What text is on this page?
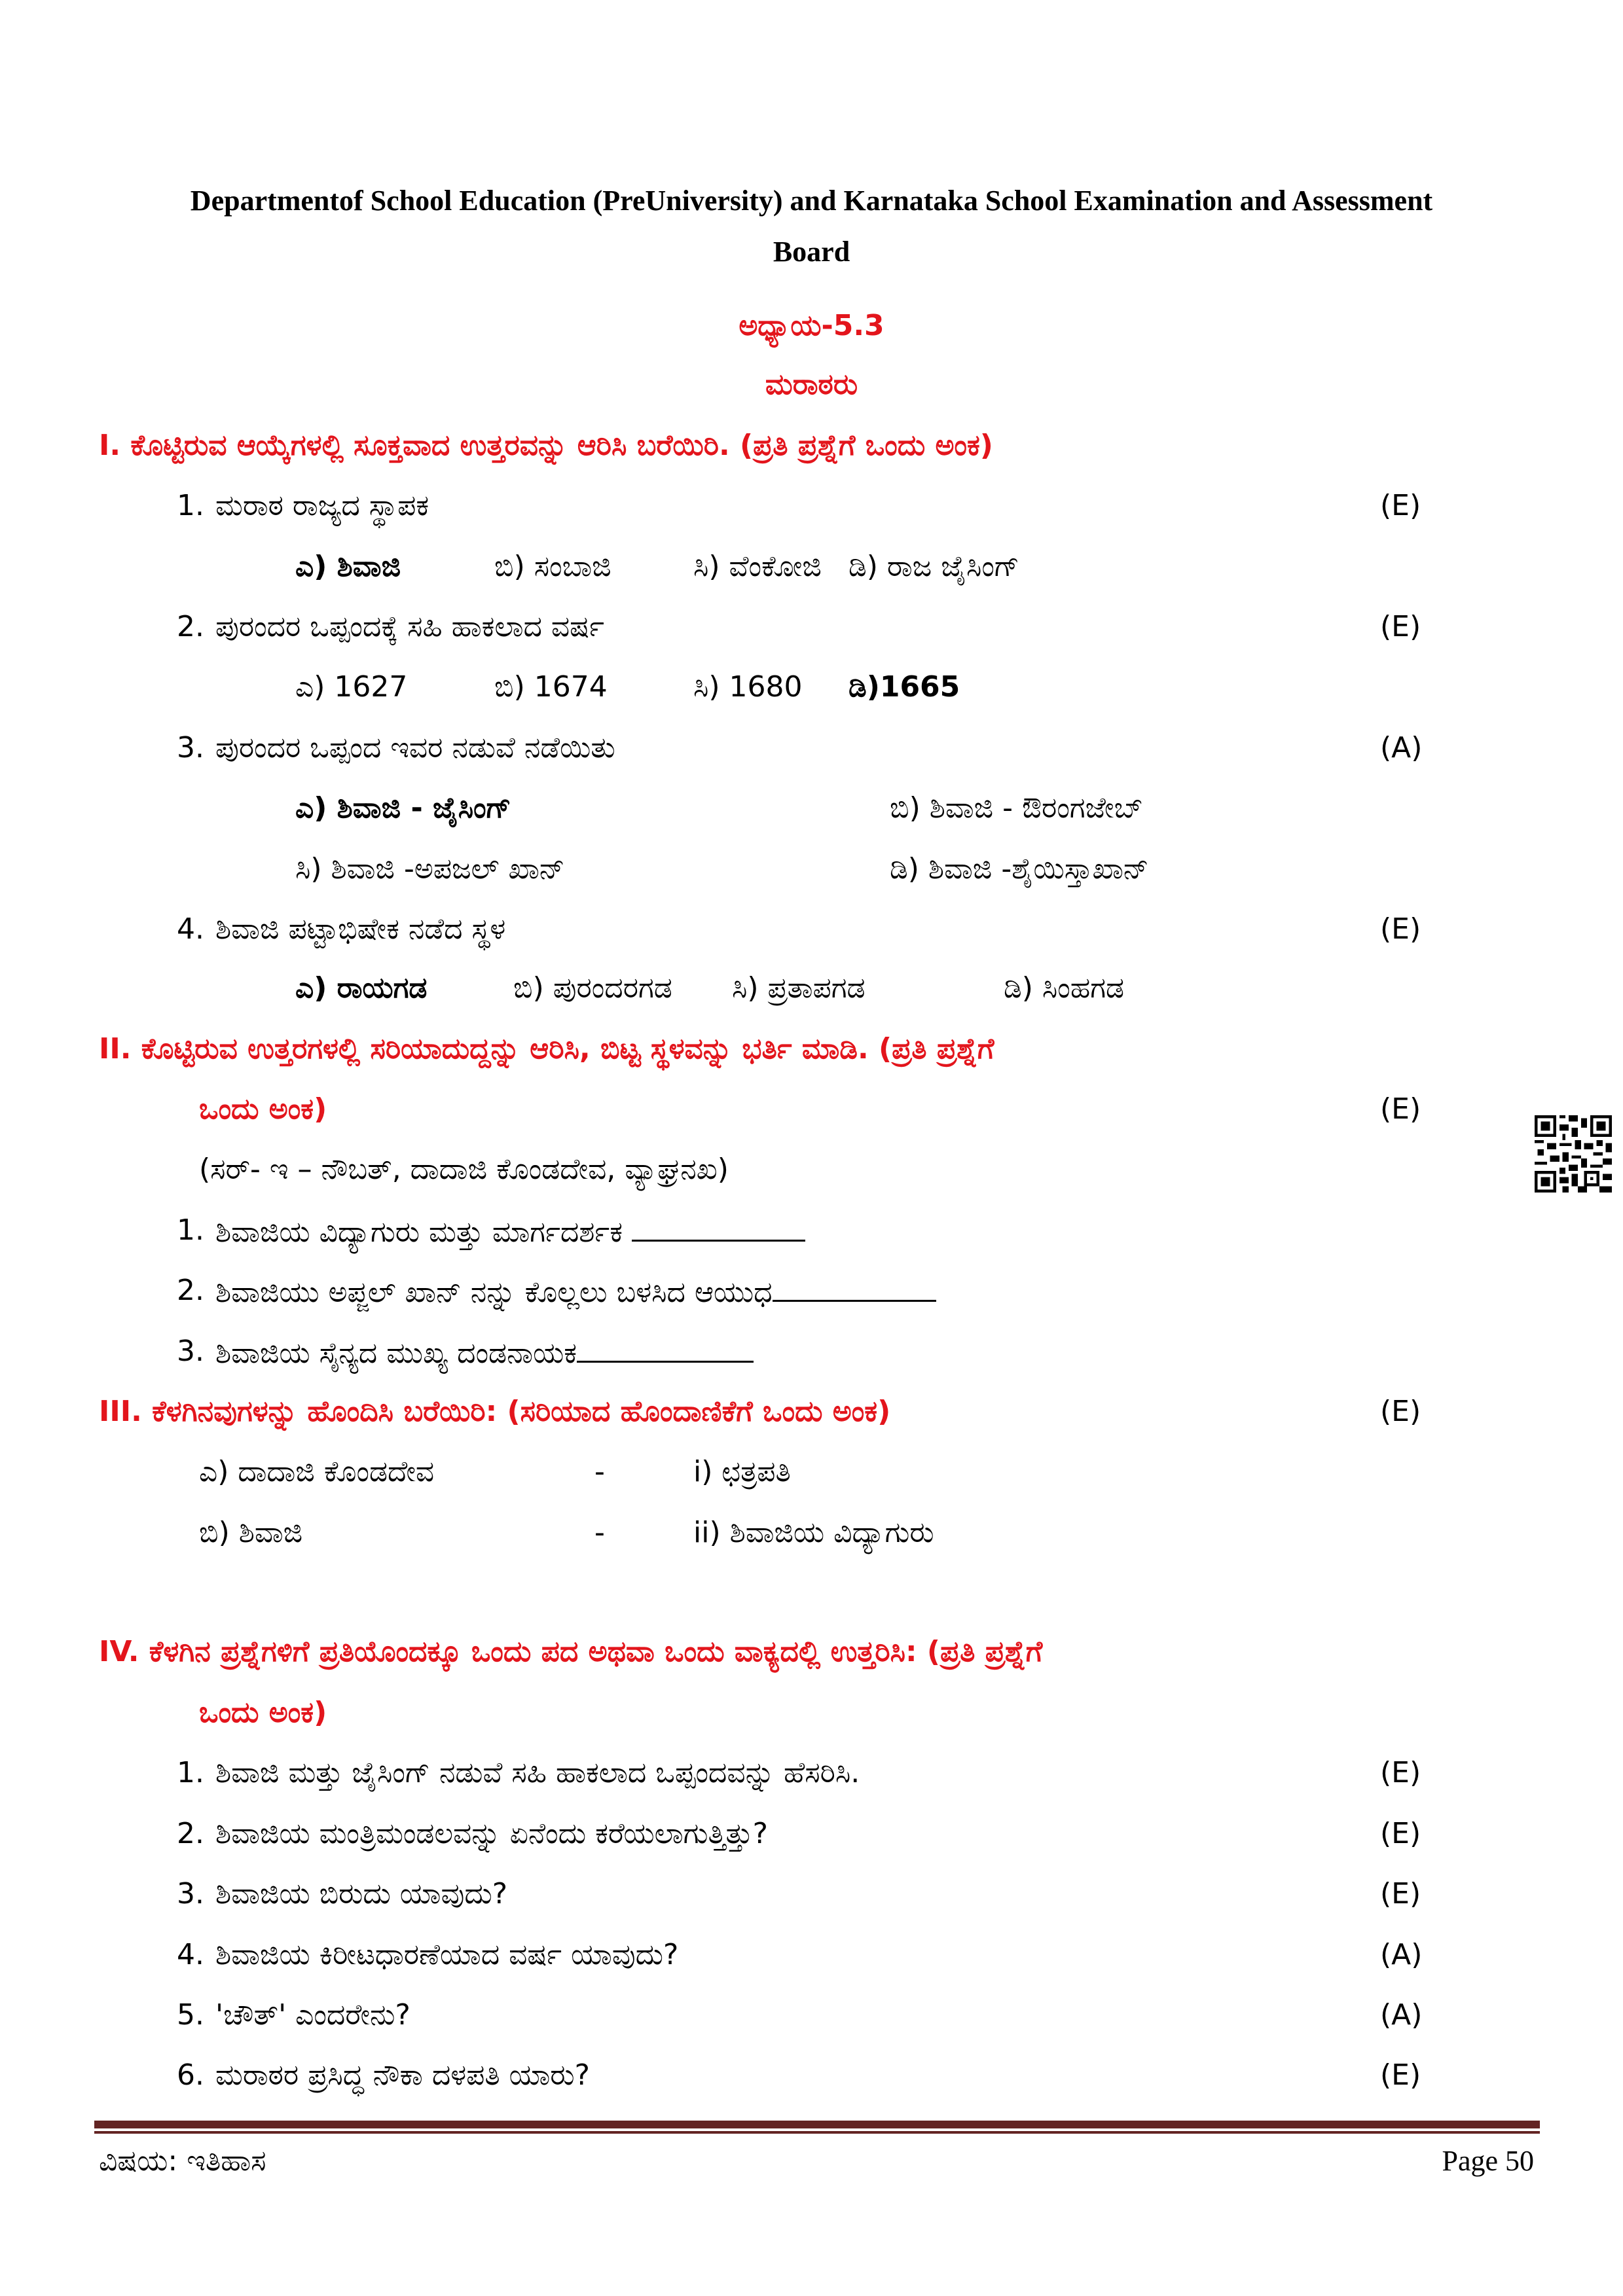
Departmentof School Education (PreUniversity) and Karnataka School Examination and Assessment
Board
ಅಧ್ಯಾಯ-5.3
ಮರಾಠರು
I. ಕೊಟ್ಟಿರುವ ಆಯ್ಕೆಗಳಲ್ಲಿ ಸೂಕ್ತವಾದ ಉತ್ತರವನ್ನು ಆರಿಸಿ ಬರೆಯಿರಿ. (ಪ್ರತಿ ಪ್ರಶ್ನೆಗೆ ಒಂದು ಅಂಕ)
1. ಮರಾಠ ರಾಜ್ಯದ ಸ್ಥಾಪಕ	(E)
ಎ) ಶಿವಾಜಿ	ಬಿ) ಸಂಬಾಜಿ	ಸಿ) ವೆಂಕೋಜಿ ಡಿ) ರಾಜ ಜೈಸಿಂಗ್
2. ಪುರಂದರ ಒಪ್ಪಂದಕ್ಕೆ ಸಹಿ ಹಾಕಲಾದ ವರ್ಷ	(E)
ಎ) 1627	ಬಿ) 1674	ಸಿ) 1680 ಡಿ)1665
3. ಪುರಂದರ ಒಪ್ಪಂದ ಇವರ ನಡುವೆ ನಡೆಯಿತು	(A)
ಎ) ಶಿವಾಜಿ - ಜೈಸಿಂಗ್	ಬಿ) ಶಿವಾಜಿ - ಔರಂಗಜೇಬ್
ಸಿ) ಶಿವಾಜಿ -ಅಪಜಲ್ ಖಾನ್	ಡಿ) ಶಿವಾಜಿ -ಶೈಯಿಸ್ತಾಖಾನ್
4. ಶಿವಾಜಿ ಪಟ್ಟಾಭಿಷೇಕ ನಡೆದ ಸ್ಥಳ	(E)
ಎ) ರಾಯಗಡ	ಬಿ) ಪುರಂದರಗಡ ಸಿ) ಪ್ರತಾಪಗಡ	ಡಿ) ಸಿಂಹಗಡ
II. ಕೊಟ್ಟಿರುವ ಉತ್ತರಗಳಲ್ಲಿ ಸರಿಯಾದುದ್ದನ್ನು ಆರಿಸಿ, ಬಿಟ್ಟ ಸ್ಥಳವನ್ನು ಭರ್ತಿ ಮಾಡಿ. (ಪ್ರತಿ ಪ್ರಶ್ನೆಗೆ
ಒಂದು ಅಂಕ)	(E)
(ಸರ್- ಇ – ನೌಬತ್, ದಾದಾಜಿ ಕೊಂಡದೇವ, ವ್ಯಾಘ್ರನಖ)
1. ಶಿವಾಜಿಯ ವಿದ್ಯಾಗುರು ಮತ್ತು ಮಾರ್ಗದರ್ಶಕ
2. ಶಿವಾಜಿಯು ಅಪ್ಜಲ್ ಖಾನ್ ನನ್ನು ಕೊಲ್ಲಲು ಬಳಸಿದ ಆಯುಧ
3. ಶಿವಾಜಿಯ ಸೈನ್ಯದ ಮುಖ್ಯ ದಂಡನಾಯಕ
III. ಕೆಳಗಿನವುಗಳನ್ನು ಹೊಂದಿಸಿ ಬರೆಯಿರಿ: (ಸರಿಯಾದ ಹೊಂದಾಣಿಕೆಗೆ ಒಂದು ಅಂಕ)	(E)
ಎ) ದಾದಾಜಿ ಕೊಂಡದೇವ	-	i) ಛತ್ರಪತಿ
ಬಿ) ಶಿವಾಜಿ	-	ii) ಶಿವಾಜಿಯ ವಿದ್ಯಾಗುರು
IV. ಕೆಳಗಿನ ಪ್ರಶ್ನೆಗಳಿಗೆ ಪ್ರತಿಯೊಂದಕ್ಕೂ ಒಂದು ಪದ ಅಥವಾ ಒಂದು ವಾಕ್ಯದಲ್ಲಿ ಉತ್ತರಿಸಿ: (ಪ್ರತಿ ಪ್ರಶ್ನೆಗೆ
ಒಂದು ಅಂಕ)
1. ಶಿವಾಜಿ ಮತ್ತು ಜೈಸಿಂಗ್ ನಡುವೆ ಸಹಿ ಹಾಕಲಾದ ಒಪ್ಪಂದವನ್ನು ಹೆಸರಿಸಿ.	(E)
2. ಶಿವಾಜಿಯ ಮಂತ್ರಿಮಂಡಲವನ್ನು ಏನೆಂದು ಕರೆಯಲಾಗುತ್ತಿತ್ತು?	(E)
3. ಶಿವಾಜಿಯ ಬಿರುದು ಯಾವುದು?	(E)
4. ಶಿವಾಜಿಯ ಕಿರೀಟಧಾರಣೆಯಾದ ವರ್ಷ ಯಾವುದು?	(A)
5. 'ಚೌತ್' ಎಂದರೇನು?	(A)
6. ಮರಾಠರ ಪ್ರಸಿದ್ಧ ನೌಕಾ ದಳಪತಿ ಯಾರು?	(E)
ವಿಷಯ: ಇತಿಹಾಸ	Page 50
